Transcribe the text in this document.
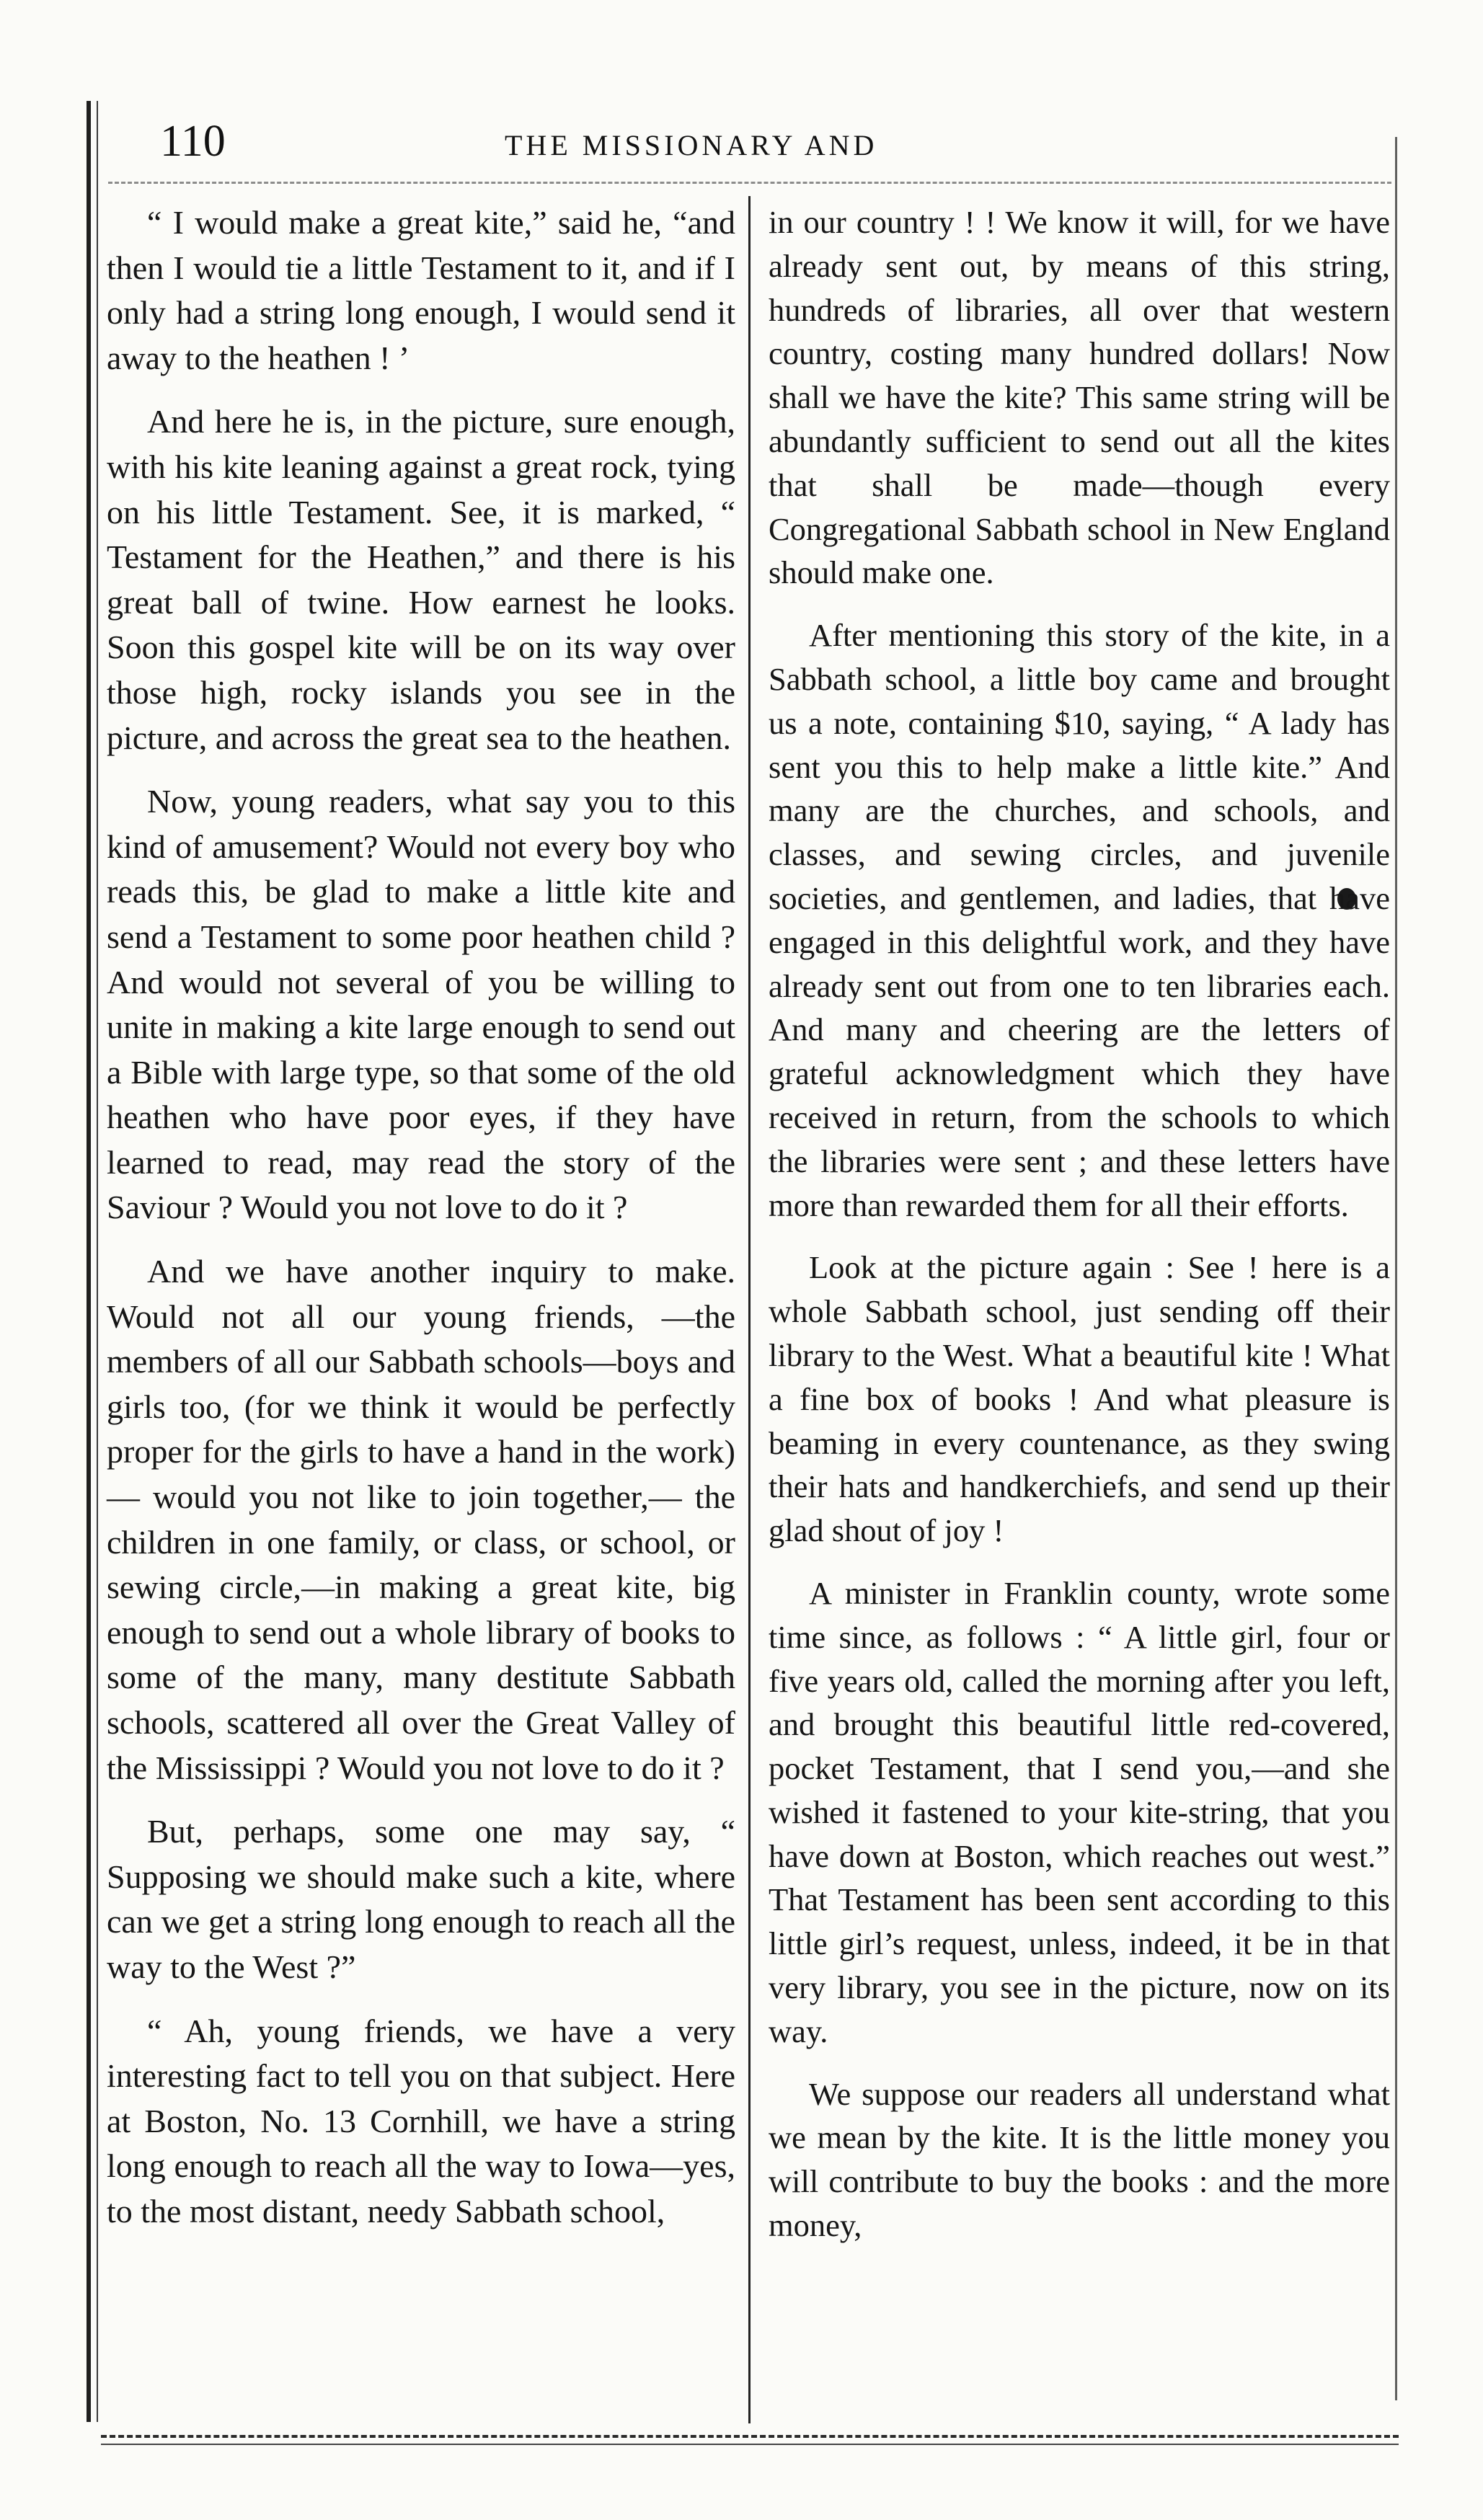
110	THE MISSIONARY AND

“ I would make a great kite,” said he, “and then I would tie a little Testament to it, and if I only had a string long enough, I would send it away to the heathen ! ’

And here he is, in the picture, sure enough, with his kite leaning against a great rock, tying on his little Testament. See, it is marked, “ Testament for the Heathen,” and there is his great ball of twine. How earnest he looks. Soon this gospel kite will be on its way over those high, rocky islands you see in the picture, and across the great sea to the heathen.

Now, young readers, what say you to this kind of amusement? Would not every boy who reads this, be glad to make a little kite and send a Testament to some poor heathen child ? And would not several of you be willing to unite in making a kite large enough to send out a Bible with large type, so that some of the old heathen who have poor eyes, if they have learned to read, may read the story of the Saviour ? Would you not love to do it ?

And we have another inquiry to make. Would not all our young friends, —the members of all our Sabbath schools—boys and girls too, (for we think it would be perfectly proper for the girls to have a hand in the work)— would you not like to join together,— the children in one family, or class, or school, or sewing circle,—in making a great kite, big enough to send out a whole library of books to some of the many, many destitute Sabbath schools, scattered all over the Great Valley of the Mississippi ? Would you not love to do it ?

But, perhaps, some one may say, “ Supposing we should make such a kite, where can we get a string long enough to reach all the way to the West ?”

“ Ah, young friends, we have a very interesting fact to tell you on that subject. Here at Boston, No. 13 Cornhill, we have a string long enough to reach all the way to Iowa—yes, to the most distant, needy Sabbath school,

in our country ! ! We know it will, for we have already sent out, by means of this string, hundreds of libraries, all over that western country, costing many hundred dollars! Now shall we have the kite? This same string will be abundantly sufficient to send out all the kites that shall be made—though every Congregational Sabbath school in New England should make one.

After mentioning this story of the kite, in a Sabbath school, a little boy came and brought us a note, containing $10, saying, “ A lady has sent you this to help make a little kite.” And many are the churches, and schools, and classes, and sewing circles, and juvenile societies, and gentlemen, and ladies, that have engaged in this delightful work, and they have already sent out from one to ten libraries each. And many and cheering are the letters of grateful acknowledgment which they have received in return, from the schools to which the libraries were sent ; and these letters have more than rewarded them for all their efforts.

Look at the picture again : See ! here is a whole Sabbath school, just sending off their library to the West. What a beautiful kite ! What a fine box of books ! And what pleasure is beaming in every countenance, as they swing their hats and handkerchiefs, and send up their glad shout of joy !

A minister in Franklin county, wrote some time since, as follows : “ A little girl, four or five years old, called the morning after you left, and brought this beautiful little red-covered, pocket Testament, that I send you,—and she wished it fastened to your kite-string, that you have down at Boston, which reaches out west.” That Testament has been sent according to this little girl’s request, unless, indeed, it be in that very library, you see in the picture, now on its way.

We suppose our readers all understand what we mean by the kite. It is the little money you will contribute to buy the books : and the more money,
